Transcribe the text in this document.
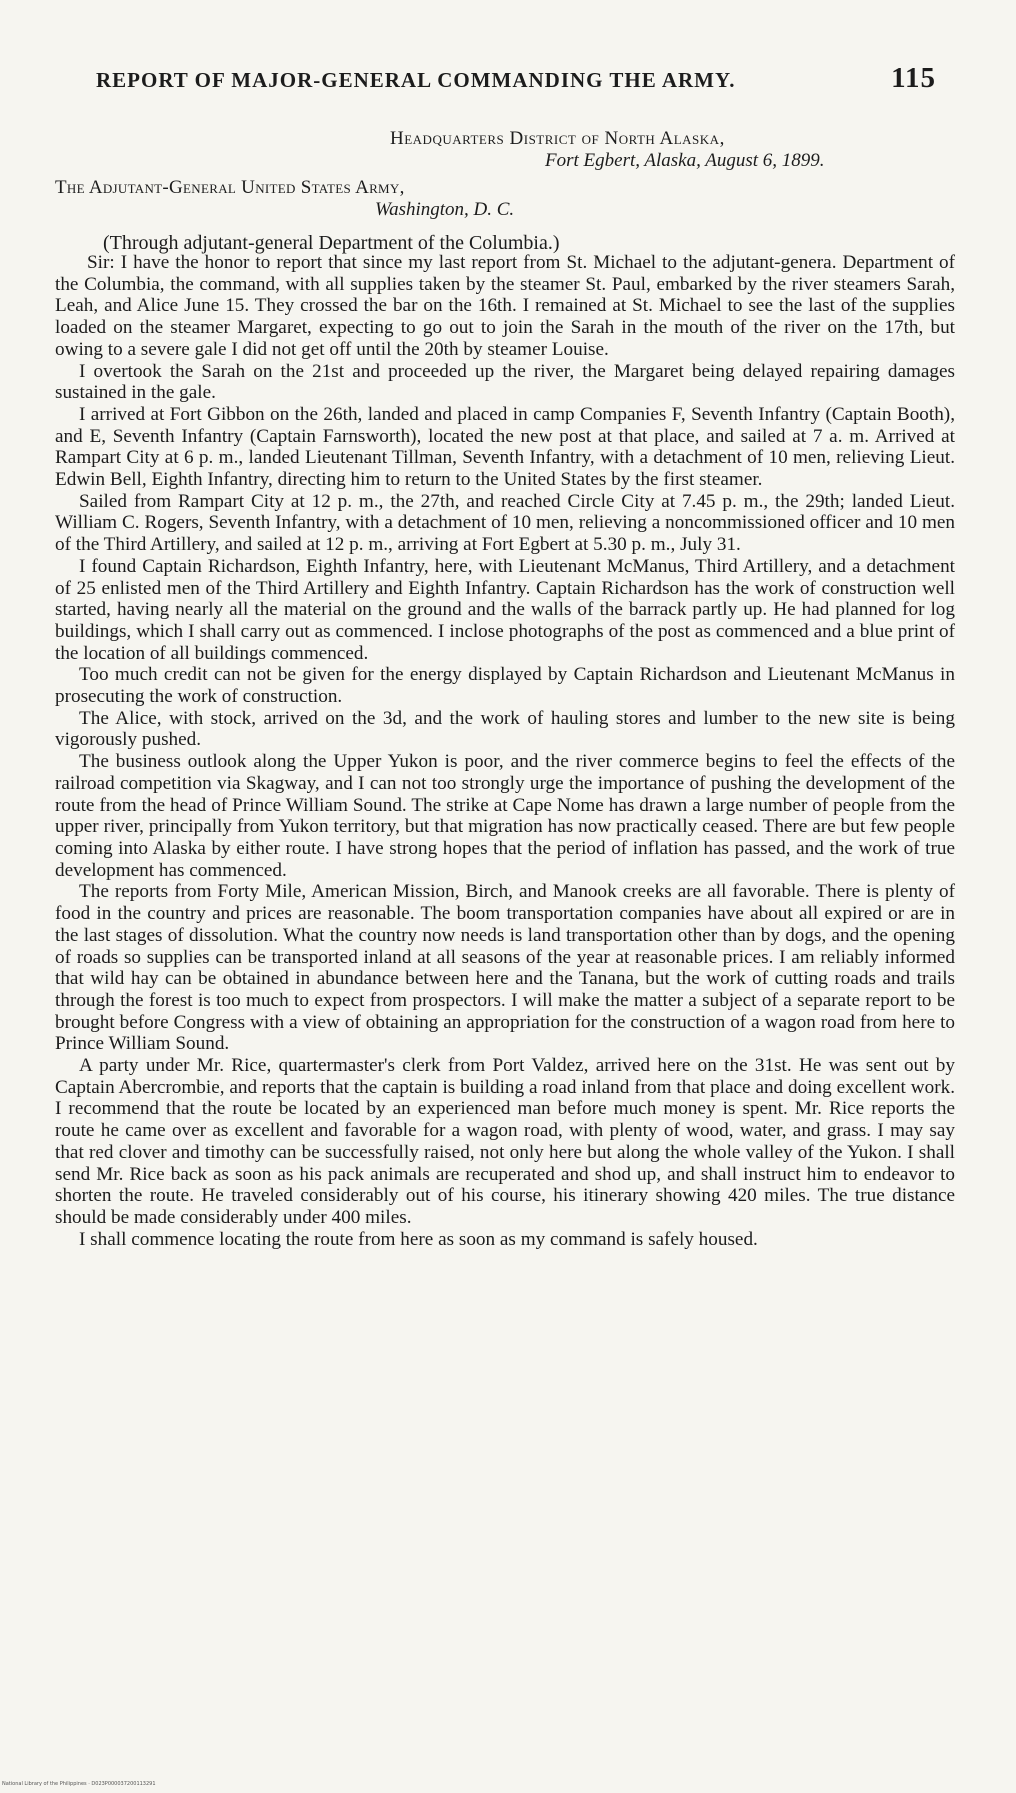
REPORT OF MAJOR-GENERAL COMMANDING THE ARMY.	115
Headquarters District of North Alaska,
Fort Egbert, Alaska, August 6, 1899.
The Adjutant-General United States Army,
Washington, D. C.
(Through adjutant-general Department of the Columbia.)

Sir: I have the honor to report that since my last report from St. Michael to the adjutant-genera. Department of the Columbia, the command, with all supplies taken by the steamer St. Paul, embarked by the river steamers Sarah, Leah, and Alice June 15. They crossed the bar on the 16th. I remained at St. Michael to see the last of the supplies loaded on the steamer Margaret, expecting to go out to join the Sarah in the mouth of the river on the 17th, but owing to a severe gale I did not get off until the 20th by steamer Louise.

I overtook the Sarah on the 21st and proceeded up the river, the Margaret being delayed repairing damages sustained in the gale.

I arrived at Fort Gibbon on the 26th, landed and placed in camp Companies F, Seventh Infantry (Captain Booth), and E, Seventh Infantry (Captain Farnsworth), located the new post at that place, and sailed at 7 a. m. Arrived at Rampart City at 6 p. m., landed Lieutenant Tillman, Seventh Infantry, with a detachment of 10 men, relieving Lieut. Edwin Bell, Eighth Infantry, directing him to return to the United States by the first steamer.

Sailed from Rampart City at 12 p. m., the 27th, and reached Circle City at 7.45 p. m., the 29th; landed Lieut. William C. Rogers, Seventh Infantry, with a detachment of 10 men, relieving a noncommissioned officer and 10 men of the Third Artillery, and sailed at 12 p. m., arriving at Fort Egbert at 5.30 p. m., July 31.

I found Captain Richardson, Eighth Infantry, here, with Lieutenant McManus, Third Artillery, and a detachment of 25 enlisted men of the Third Artillery and Eighth Infantry. Captain Richardson has the work of construction well started, having nearly all the material on the ground and the walls of the barrack partly up. He had planned for log buildings, which I shall carry out as commenced. I inclose photographs of the post as commenced and a blue print of the location of all buildings commenced.

Too much credit can not be given for the energy displayed by Captain Richardson and Lieutenant McManus in prosecuting the work of construction.

The Alice, with stock, arrived on the 3d, and the work of hauling stores and lumber to the new site is being vigorously pushed.

The business outlook along the Upper Yukon is poor, and the river commerce begins to feel the effects of the railroad competition via Skagway, and I can not too strongly urge the importance of pushing the development of the route from the head of Prince William Sound. The strike at Cape Nome has drawn a large number of people from the upper river, principally from Yukon territory, but that migration has now practically ceased. There are but few people coming into Alaska by either route. I have strong hopes that the period of inflation has passed, and the work of true development has commenced.

The reports from Forty Mile, American Mission, Birch, and Manook creeks are all favorable. There is plenty of food in the country and prices are reasonable. The boom transportation companies have about all expired or are in the last stages of dissolution. What the country now needs is land transportation other than by dogs, and the opening of roads so supplies can be transported inland at all seasons of the year at reasonable prices. I am reliably informed that wild hay can be obtained in abundance between here and the Tanana, but the work of cutting roads and trails through the forest is too much to expect from prospectors. I will make the matter a subject of a separate report to be brought before Congress with a view of obtaining an appropriation for the construction of a wagon road from here to Prince William Sound.

A party under Mr. Rice, quartermaster's clerk from Port Valdez, arrived here on the 31st. He was sent out by Captain Abercrombie, and reports that the captain is building a road inland from that place and doing excellent work. I recommend that the route be located by an experienced man before much money is spent. Mr. Rice reports the route he came over as excellent and favorable for a wagon road, with plenty of wood, water, and grass. I may say that red clover and timothy can be successfully raised, not only here but along the whole valley of the Yukon. I shall send Mr. Rice back as soon as his pack animals are recuperated and shod up, and shall instruct him to endeavor to shorten the route. He traveled considerably out of his course, his itinerary showing 420 miles. The true distance should be made considerably under 400 miles.

I shall commence locating the route from here as soon as my command is safely housed.

National Library of the Philippines · D023P000037200113291
